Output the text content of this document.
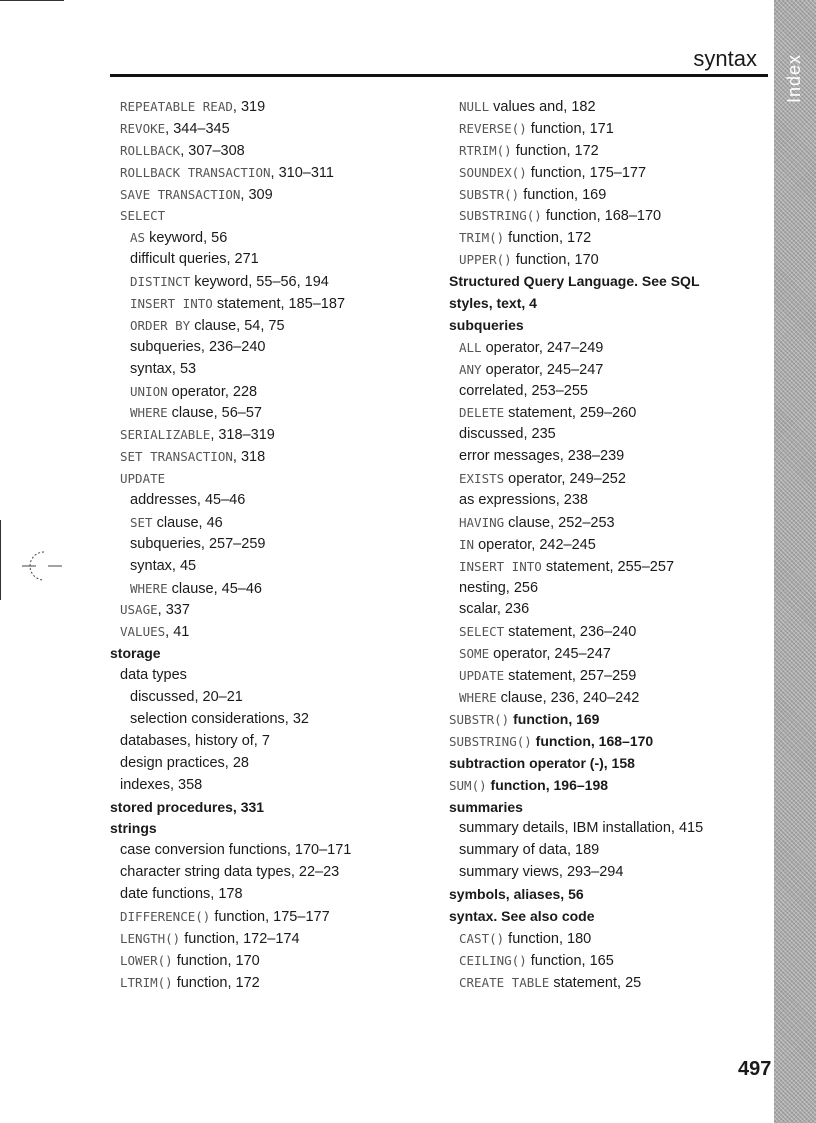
Index
syntax
REPEATABLE READ, 319
REVOKE, 344–345
ROLLBACK, 307–308
ROLLBACK TRANSACTION, 310–311
SAVE TRANSACTION, 309
SELECT
AS keyword, 56
difficult queries, 271
DISTINCT keyword, 55–56, 194
INSERT INTO statement, 185–187
ORDER BY clause, 54, 75
subqueries, 236–240
syntax, 53
UNION operator, 228
WHERE clause, 56–57
SERIALIZABLE, 318–319
SET TRANSACTION, 318
UPDATE
addresses, 45–46
SET clause, 46
subqueries, 257–259
syntax, 45
WHERE clause, 45–46
USAGE, 337
VALUES, 41
storage
data types
discussed, 20–21
selection considerations, 32
databases, history of, 7
design practices, 28
indexes, 358
stored procedures, 331
strings
case conversion functions, 170–171
character string data types, 22–23
date functions, 178
DIFFERENCE() function, 175–177
LENGTH() function, 172–174
LOWER() function, 170
LTRIM() function, 172
NULL values and, 182
REVERSE() function, 171
RTRIM() function, 172
SOUNDEX() function, 175–177
SUBSTR() function, 169
SUBSTRING() function, 168–170
TRIM() function, 172
UPPER() function, 170
Structured Query Language. See SQL
styles, text, 4
subqueries
ALL operator, 247–249
ANY operator, 245–247
correlated, 253–255
DELETE statement, 259–260
discussed, 235
error messages, 238–239
EXISTS operator, 249–252
as expressions, 238
HAVING clause, 252–253
IN operator, 242–245
INSERT INTO statement, 255–257
nesting, 256
scalar, 236
SELECT statement, 236–240
SOME operator, 245–247
UPDATE statement, 257–259
WHERE clause, 236, 240–242
SUBSTR() function, 169
SUBSTRING() function, 168–170
subtraction operator (-), 158
SUM() function, 196–198
summaries
summary details, IBM installation, 415
summary of data, 189
summary views, 293–294
symbols, aliases, 56
syntax. See also code
CAST() function, 180
CEILING() function, 165
CREATE TABLE statement, 25
497
